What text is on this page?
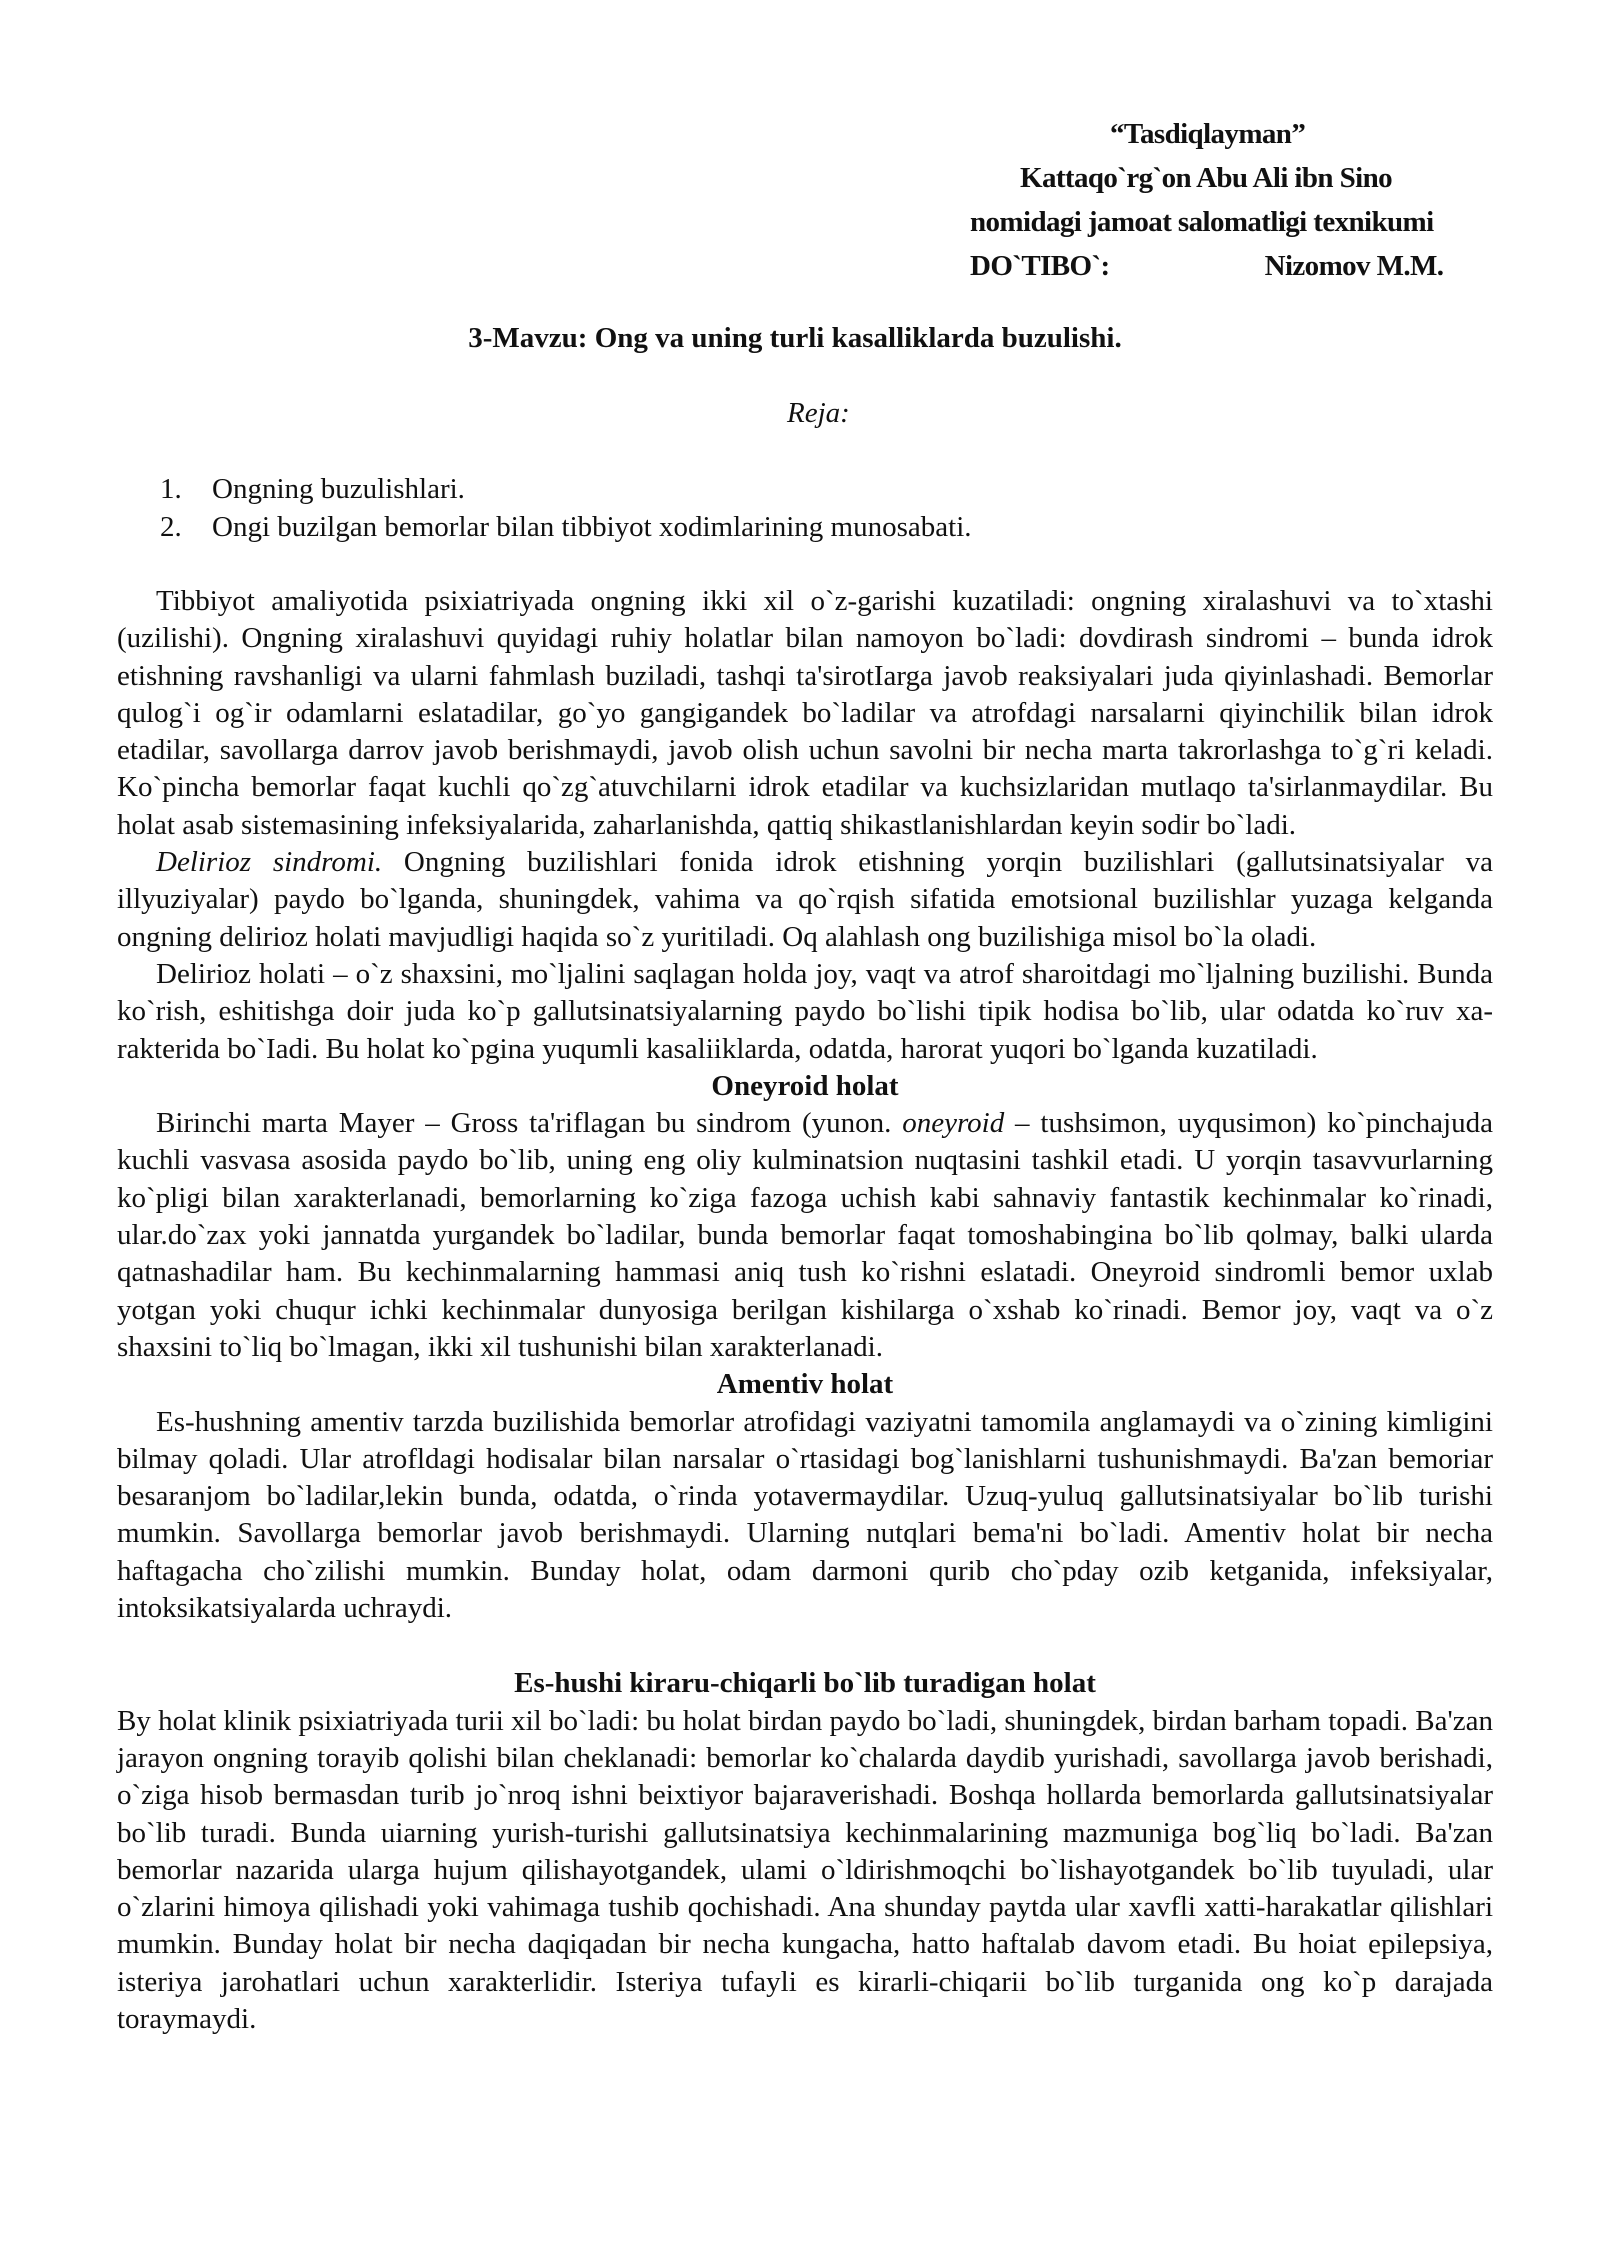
“Tasdiqlayman”
Kattaqo`rg`on Abu Ali ibn Sino
nomidagi jamoat salomatligi texnikumi
DO`TIBO`:	Nizomov M.M.
3-Mavzu: Ong va uning turli kasalliklarda buzulishi.
Reja:
1.	Ongning buzulishlari.
2.	Ongi buzilgan bemorlar bilan tibbiyot xodimlarining munosabati.

Tibbiyot amaliyotida psixiatriyada ongning ikki xil o`z-garishi kuzatiladi: ongning xiralashuvi va to`xtashi (uzilishi). Ongning xiralashuvi quyidagi ruhiy holatlar bilan namoyon bo`ladi: dovdirash sindromi – bunda idrok etishning ravshanligi va ularni fahmlash buziladi, tashqi ta'sirotIarga javob reaksiyalari juda qiyinlashadi. Bemorlar qulog`i og`ir odamlarni eslatadilar, go`yo gangigandek bo`ladilar va atrofdagi narsalarni qiyinchilik bilan idrok etadilar, savollarga darrov javob berishmaydi, javob olish uchun savolni bir necha marta takrorlashga to`g`ri keladi. Ko`pincha bemorlar faqat kuchli qo`zg`atuvchilarni idrok etadilar va kuchsizlaridan mutlaqo ta'sirlanmaydilar. Bu holat asab sistemasining infeksiyalarida, zaharlanishda, qattiq shikastlanishlardan keyin sodir bo`ladi.

Delirioz sindromi. Ongning buzilishlari fonida idrok etishning yorqin buzilishlari (gallutsinatsiyalar va illyuziyalar) paydo bo`lganda, shuningdek, vahima va qo`rqish sifatida emotsional buzilishlar yuzaga kelganda ongning delirioz holati mavjudligi haqida so`z yuritiladi. Oq alahlash ong buzilishiga misol bo`la oladi.

Delirioz holati – o`z shaxsini, mo`ljalini saqlagan holda joy, vaqt va atrof sharoitdagi mo`ljalning buzilishi. Bunda ko`rish, eshitishga doir juda ko`p gallutsinatsiyalarning paydo bo`lishi tipik hodisa bo`lib, ular odatda ko`ruv xa-rakterida bo`Iadi. Bu holat ko`pgina yuqumli kasaliiklarda, odatda, harorat yuqori bo`lganda kuzatiladi.

Oneyroid holat

Birinchi marta Mayer – Gross ta'riflagan bu sindrom (yunon. oneyroid – tushsimon, uyqusimon) ko`pinchajuda kuchli vasvasa asosida paydo bo`lib, uning eng oliy kulminatsion nuqtasini tashkil etadi. U yorqin tasavvurlarning ko`pligi bilan xarakterlanadi, bemorlarning ko`ziga fazoga uchish kabi sahnaviy fantastik kechinmalar ko`rinadi, ular.do`zax yoki jannatda yurgandek bo`ladilar, bunda bemorlar faqat tomoshabingina bo`lib qolmay, balki ularda qatnashadilar ham. Bu kechinmalarning hammasi aniq tush ko`rishni eslatadi. Oneyroid sindromli bemor uxlab yotgan yoki chuqur ichki kechinmalar dunyosiga berilgan kishilarga o`xshab ko`rinadi. Bemor joy, vaqt va o`z shaxsini to`liq bo`lmagan, ikki xil tushunishi bilan xarakterlanadi.

Amentiv holat

Es-hushning amentiv tarzda buzilishida bemorlar atrofidagi vaziyatni tamomila anglamaydi va o`zining kimligini bilmay qoladi. Ular atrofldagi hodisalar bilan narsalar o`rtasidagi bog`lanishlarni tushunishmaydi. Ba'zan bemoriar besaranjom bo`ladilar,lekin bunda, odatda, o`rinda yotavermaydilar. Uzuq-yuluq gallutsinatsiyalar bo`lib turishi mumkin. Savollarga bemorlar javob berishmaydi. Ularning nutqlari bema'ni bo`ladi. Amentiv holat bir necha haftagacha cho`zilishi mumkin. Bunday holat, odam darmoni qurib cho`pday ozib ketganida, infeksiyalar, intoksikatsiyalarda uchraydi.

Es-hushi kiraru-chiqarli bo`lib turadigan holat

By holat klinik psixiatriyada turii xil bo`ladi: bu holat birdan paydo bo`ladi, shuningdek, birdan barham topadi. Ba'zan jarayon ongning torayib qolishi bilan cheklanadi: bemorlar ko`chalarda daydib yurishadi, savollarga javob berishadi, o`ziga hisob bermasdan turib jo`nroq ishni beixtiyor bajaraverishadi. Boshqa hollarda bemorlarda gallutsinatsiyalar bo`lib turadi. Bunda uiarning yurish-turishi gallutsinatsiya kechinmalarining mazmuniga bog`liq bo`ladi. Ba'zan bemorlar nazarida ularga hujum qilishayotgandek, ulami o`ldirishmoqchi bo`lishayotgandek bo`lib tuyuladi, ular o`zlarini himoya qilishadi yoki vahimaga tushib qochishadi. Ana shunday paytda ular xavfli xatti-harakatlar qilishlari mumkin. Bunday holat bir necha daqiqadan bir necha kungacha, hatto haftalab davom etadi. Bu hoiat epilepsiya, isteriya jarohatlari uchun xarakterlidir. Isteriya tufayli es kirarli-chiqarii bo`lib turganida ong ko`p darajada toraymaydi.
